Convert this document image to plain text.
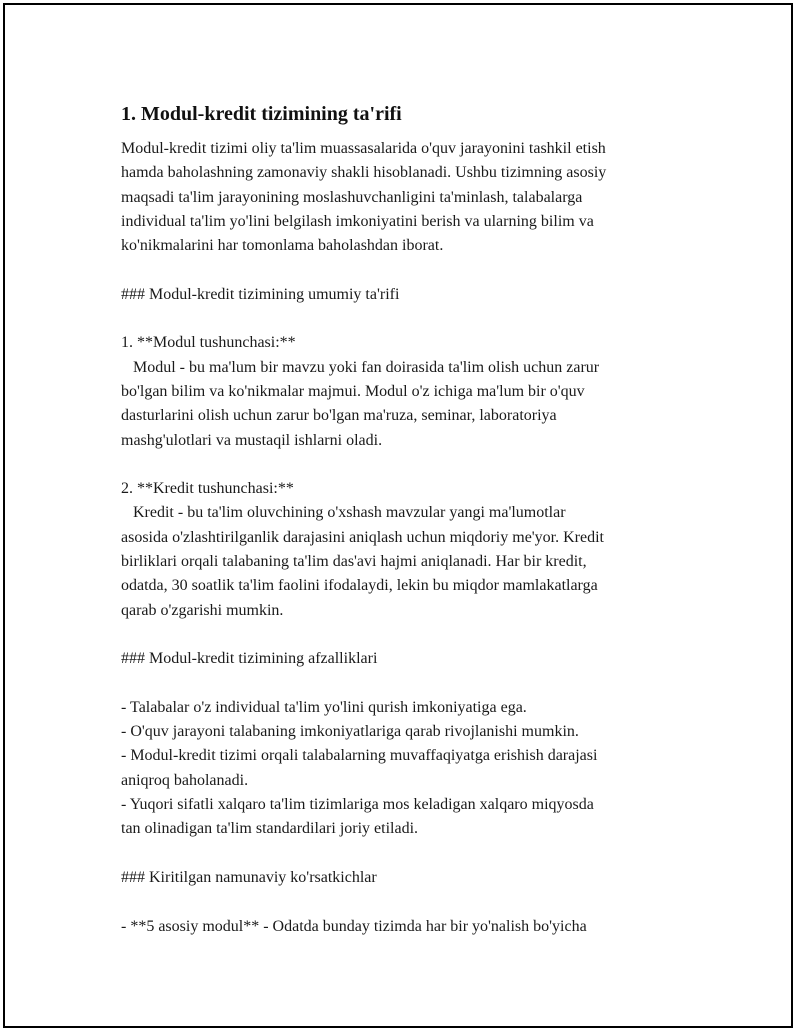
1. Modul-kredit tizimining ta'rifi
Modul-kredit tizimi oliy ta'lim muassasalarida o'quv jarayonini tashkil etish
hamda baholashning zamonaviy shakli hisoblanadi. Ushbu tizimning asosiy
maqsadi ta'lim jarayonining moslashuvchanligini ta'minlash, talabalarga
individual ta'lim yo'lini belgilash imkoniyatini berish va ularning bilim va
ko'nikmalarini har tomonlama baholashdan iborat.
### Modul-kredit tizimining umumiy ta'rifi
1. **Modul tushunchasi:**
Modul - bu ma'lum bir mavzu yoki fan doirasida ta'lim olish uchun zarur
bo'lgan bilim va ko'nikmalar majmui. Modul o'z ichiga ma'lum bir o'quv
dasturlarini olish uchun zarur bo'lgan ma'ruza, seminar, laboratoriya
mashg'ulotlari va mustaqil ishlarni oladi.
2. **Kredit tushunchasi:**
Kredit - bu ta'lim oluvchining o'xshash mavzular yangi ma'lumotlar
asosida o'zlashtirilganlik darajasini aniqlash uchun miqdoriy me'yor. Kredit
birliklari orqali talabaning ta'lim das'avi hajmi aniqlanadi. Har bir kredit,
odatda, 30 soatlik ta'lim faolini ifodalaydi, lekin bu miqdor mamlakatlarga
qarab o'zgarishi mumkin.
### Modul-kredit tizimining afzalliklari
- Talabalar o'z individual ta'lim yo'lini qurish imkoniyatiga ega.
- O'quv jarayoni talabaning imkoniyatlariga qarab rivojlanishi mumkin.
- Modul-kredit tizimi orqali talabalarning muvaffaqiyatga erishish darajasi
aniqroq baholanadi.
- Yuqori sifatli xalqaro ta'lim tizimlariga mos keladigan xalqaro miqyosda
tan olinadigan ta'lim standardilari joriy etiladi.
### Kiritilgan namunaviy ko'rsatkichlar
- **5 asosiy modul** - Odatda bunday tizimda har bir yo'nalish bo'yicha
